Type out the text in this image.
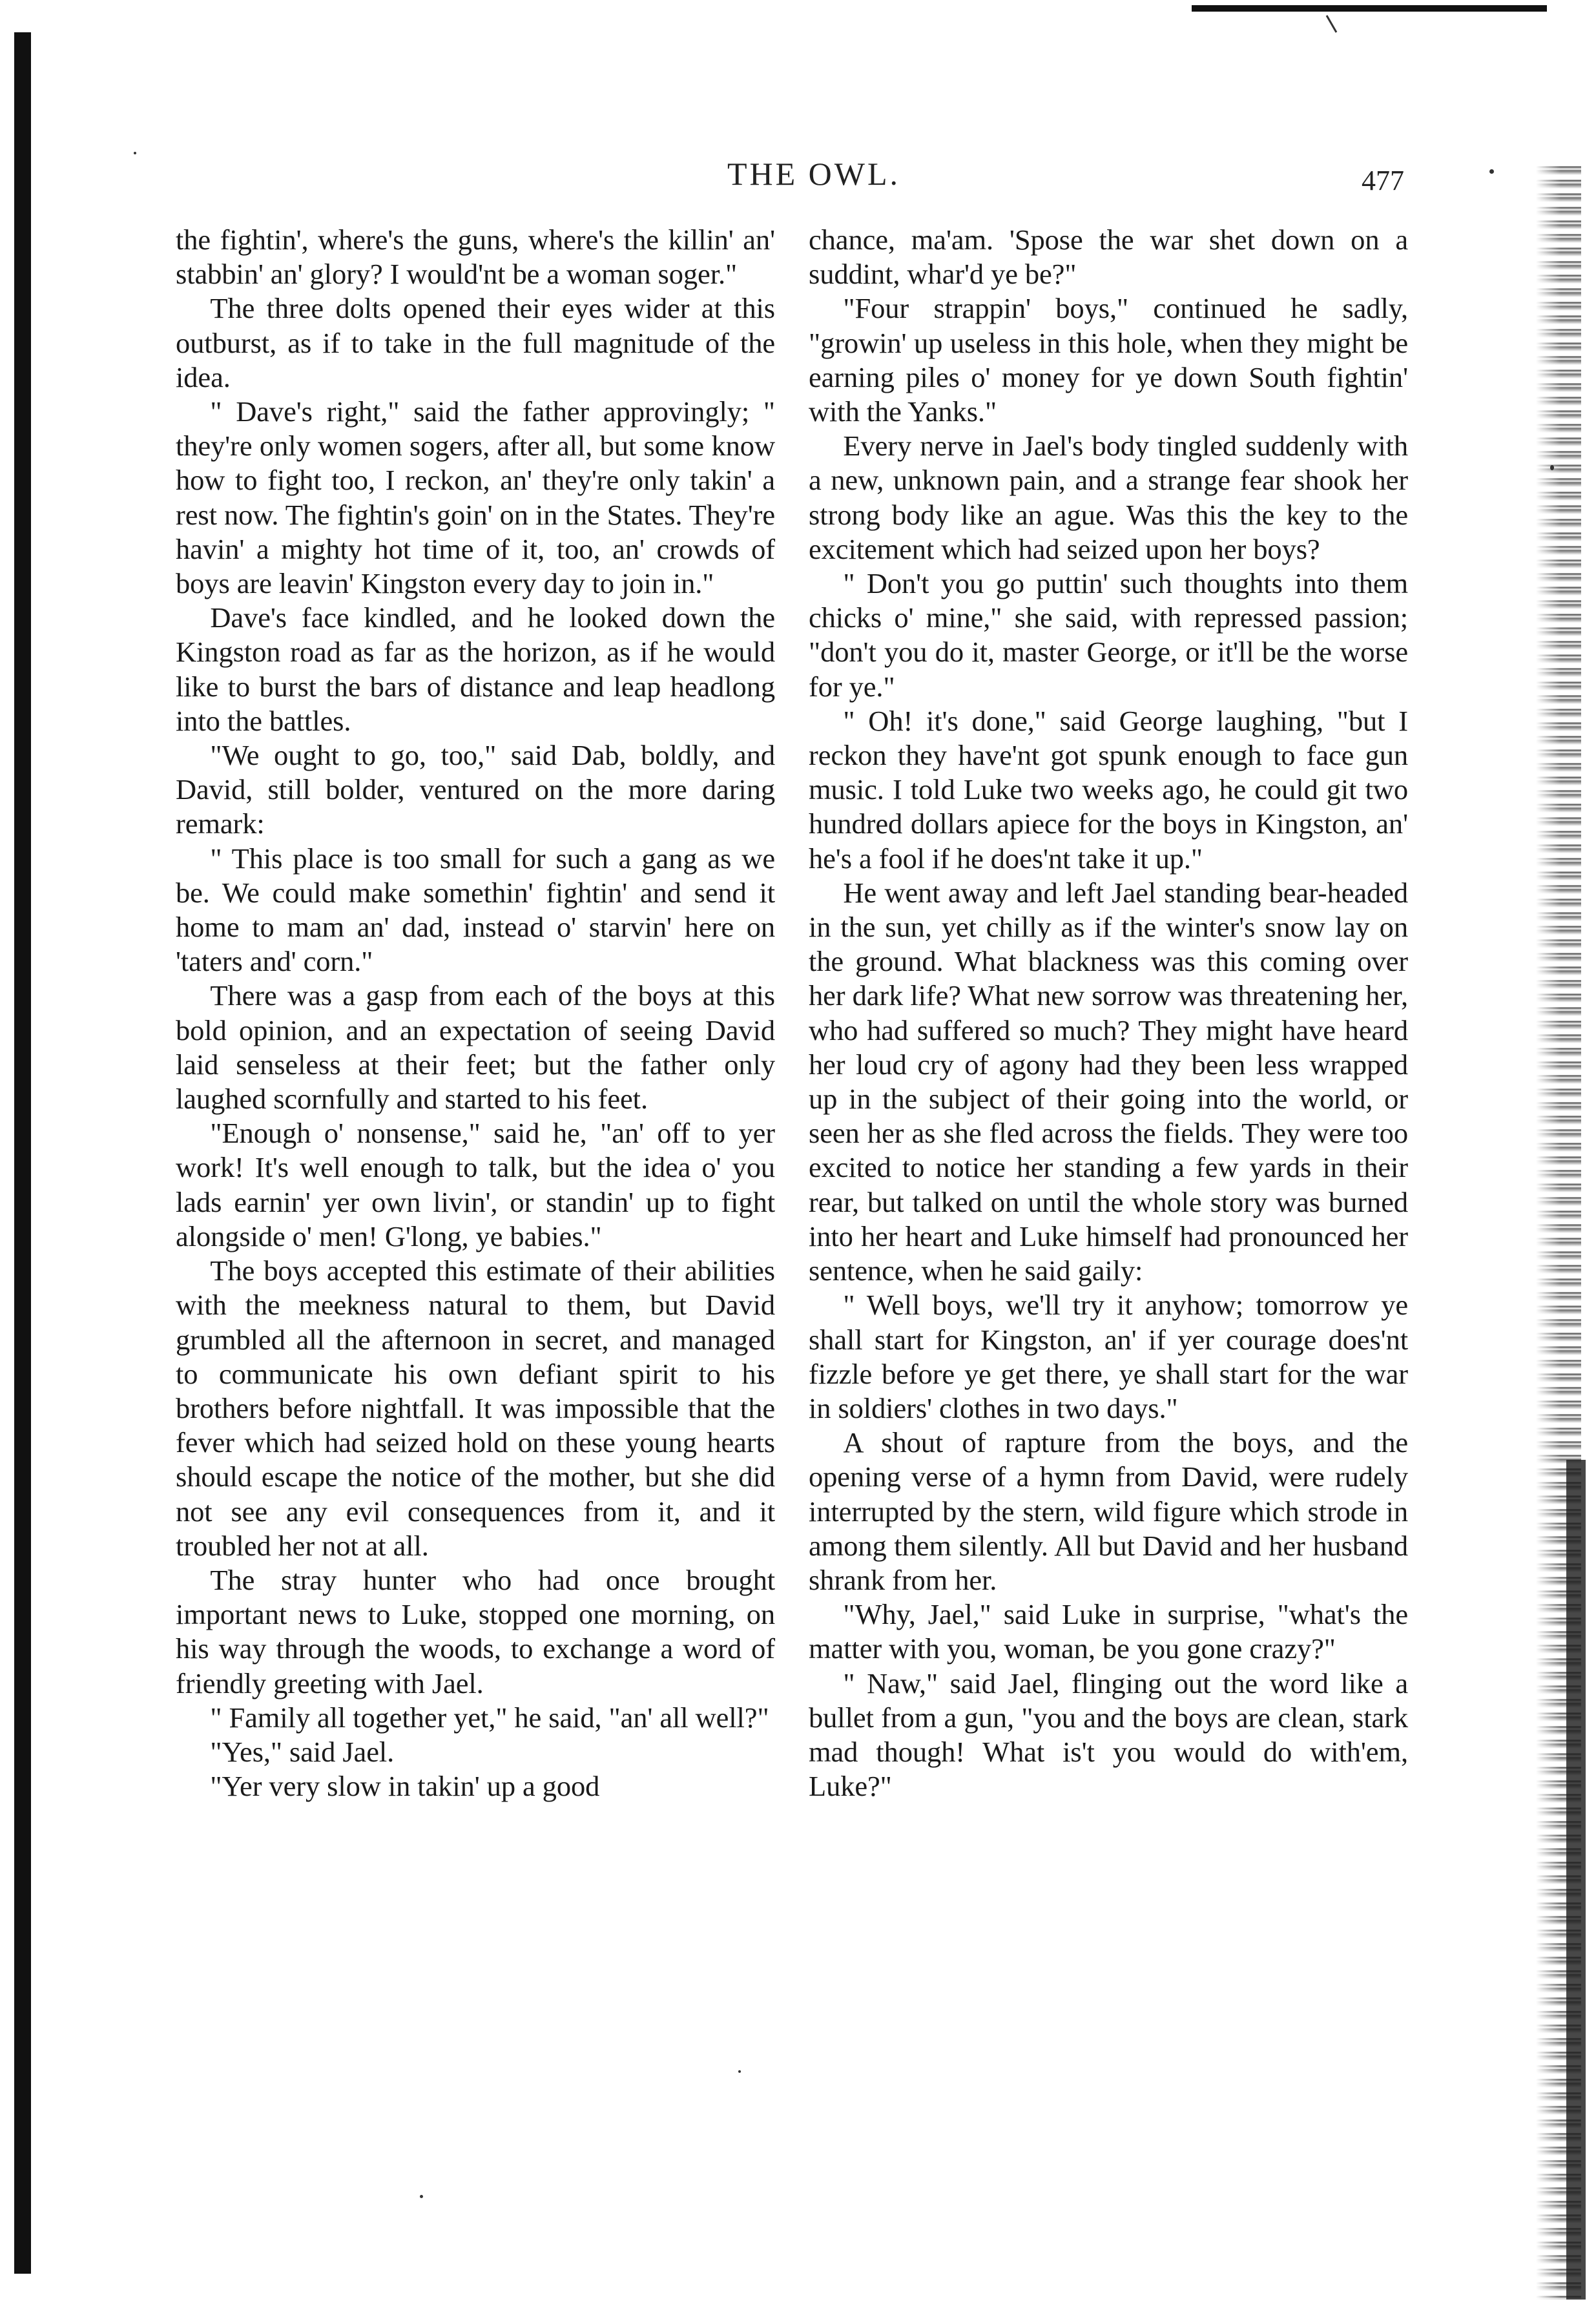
THE OWL.	477

the fightin', where's the guns, where's the killin' an' stabbin' an' glory? I would'nt be a woman soger."

The three dolts opened their eyes wider at this outburst, as if to take in the full magnitude of the idea.

" Dave's right," said the father approvingly; " they're only women sogers, after all, but some know how to fight too, I reckon, an' they're only takin' a rest now. The fightin's goin' on in the States. They're havin' a mighty hot time of it, too, an' crowds of boys are leavin' Kingston every day to join in."

Dave's face kindled, and he looked down the Kingston road as far as the horizon, as if he would like to burst the bars of distance and leap headlong into the battles.

"We ought to go, too," said Dab, boldly, and David, still bolder, ventured on the more daring remark:

" This place is too small for such a gang as we be. We could make somethin' fightin' and send it home to mam an' dad, instead o' starvin' here on 'taters and' corn."

There was a gasp from each of the boys at this bold opinion, and an expectation of seeing David laid senseless at their feet; but the father only laughed scornfully and started to his feet.

"Enough o' nonsense," said he, "an' off to yer work! It's well enough to talk, but the idea o' you lads earnin' yer own livin', or standin' up to fight alongside o' men! G'long, ye babies."

The boys accepted this estimate of their abilities with the meekness natural to them, but David grumbled all the afternoon in secret, and managed to communicate his own defiant spirit to his brothers before nightfall. It was impossible that the fever which had seized hold on these young hearts should escape the notice of the mother, but she did not see any evil consequences from it, and it troubled her not at all.

The stray hunter who had once brought important news to Luke, stopped one morning, on his way through the woods, to exchange a word of friendly greeting with Jael.

" Family all together yet," he said, "an' all well?"

"Yes," said Jael.

"Yer very slow in takin' up a good

chance, ma'am. 'Spose the war shet down on a suddint, whar'd ye be?"

"Four strappin' boys," continued he sadly, "growin' up useless in this hole, when they might be earning piles o' money for ye down South fightin' with the Yanks."

Every nerve in Jael's body tingled suddenly with a new, unknown pain, and a strange fear shook her strong body like an ague. Was this the key to the excitement which had seized upon her boys?

" Don't you go puttin' such thoughts into them chicks o' mine," she said, with repressed passion; "don't you do it, master George, or it'll be the worse for ye."

" Oh! it's done," said George laughing, "but I reckon they have'nt got spunk enough to face gun music. I told Luke two weeks ago, he could git two hundred dollars apiece for the boys in Kingston, an' he's a fool if he does'nt take it up."

He went away and left Jael standing bear-headed in the sun, yet chilly as if the winter's snow lay on the ground. What blackness was this coming over her dark life? What new sorrow was threatening her, who had suffered so much? They might have heard her loud cry of agony had they been less wrapped up in the subject of their going into the world, or seen her as she fled across the fields. They were too excited to notice her standing a few yards in their rear, but talked on until the whole story was burned into her heart and Luke himself had pronounced her sentence, when he said gaily:

" Well boys, we'll try it anyhow; tomorrow ye shall start for Kingston, an' if yer courage does'nt fizzle before ye get there, ye shall start for the war in soldiers' clothes in two days."

A shout of rapture from the boys, and the opening verse of a hymn from David, were rudely interrupted by the stern, wild figure which strode in among them silently. All but David and her husband shrank from her.

"Why, Jael," said Luke in surprise, "what's the matter with you, woman, be you gone crazy?"

" Naw," said Jael, flinging out the word like a bullet from a gun, "you and the boys are clean, stark mad though! What is't you would do with'em, Luke?"
